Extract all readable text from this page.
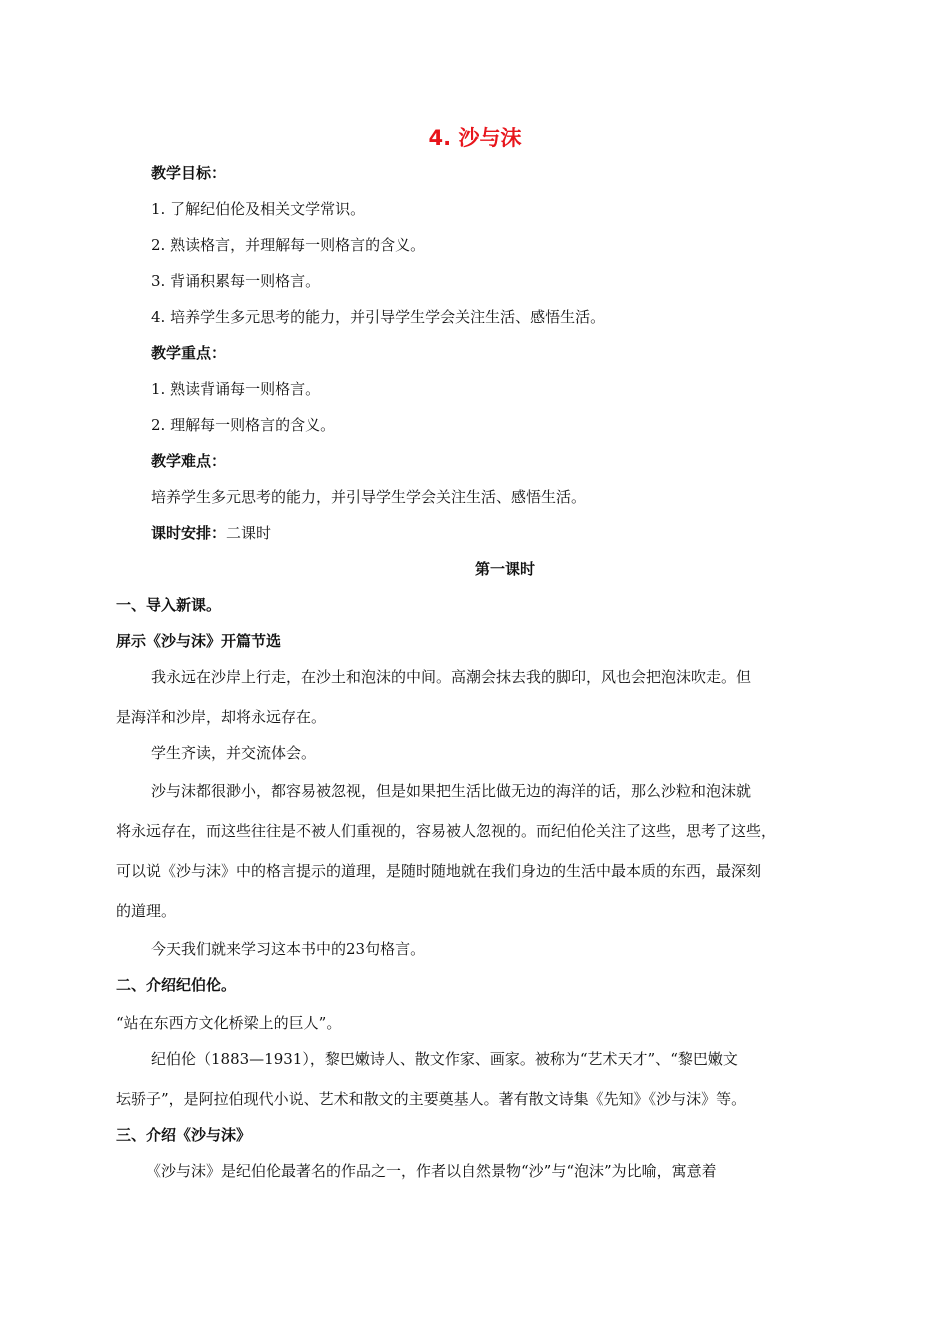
4. 沙与沫
教学目标：
1. 了解纪伯伦及相关文学常识。
2. 熟读格言，并理解每一则格言的含义。
3. 背诵积累每一则格言。
4. 培养学生多元思考的能力，并引导学生学会关注生活、感悟生活。
教学重点：
1. 熟读背诵每一则格言。
2. 理解每一则格言的含义。
教学难点：
培养学生多元思考的能力，并引导学生学会关注生活、感悟生活。
课时安排：二课时
第一课时
一、导入新课。
屏示《沙与沫》开篇节选
我永远在沙岸上行走，在沙土和泡沫的中间。高潮会抹去我的脚印，风也会把泡沫吹走。但
是海洋和沙岸，却将永远存在。
学生齐读，并交流体会。
沙与沫都很渺小，都容易被忽视，但是如果把生活比做无边的海洋的话，那么沙粒和泡沫就
将永远存在，而这些往往是不被人们重视的，容易被人忽视的。而纪伯伦关注了这些，思考了这些，
可以说《沙与沫》中的格言提示的道理，是随时随地就在我们身边的生活中最本质的东西，最深刻
的道理。
今天我们就来学习这本书中的23句格言。
二、介绍纪伯伦。
“站在东西方文化桥梁上的巨人”。
纪伯伦（1883—1931），黎巴嫩诗人、散文作家、画家。被称为“艺术天才”、“黎巴嫩文
坛骄子”，是阿拉伯现代小说、艺术和散文的主要奠基人。著有散文诗集《先知》《沙与沫》等。
三、介绍《沙与沫》
《沙与沫》是纪伯伦最著名的作品之一，作者以自然景物“沙”与“泡沫”为比喻，寓意着
